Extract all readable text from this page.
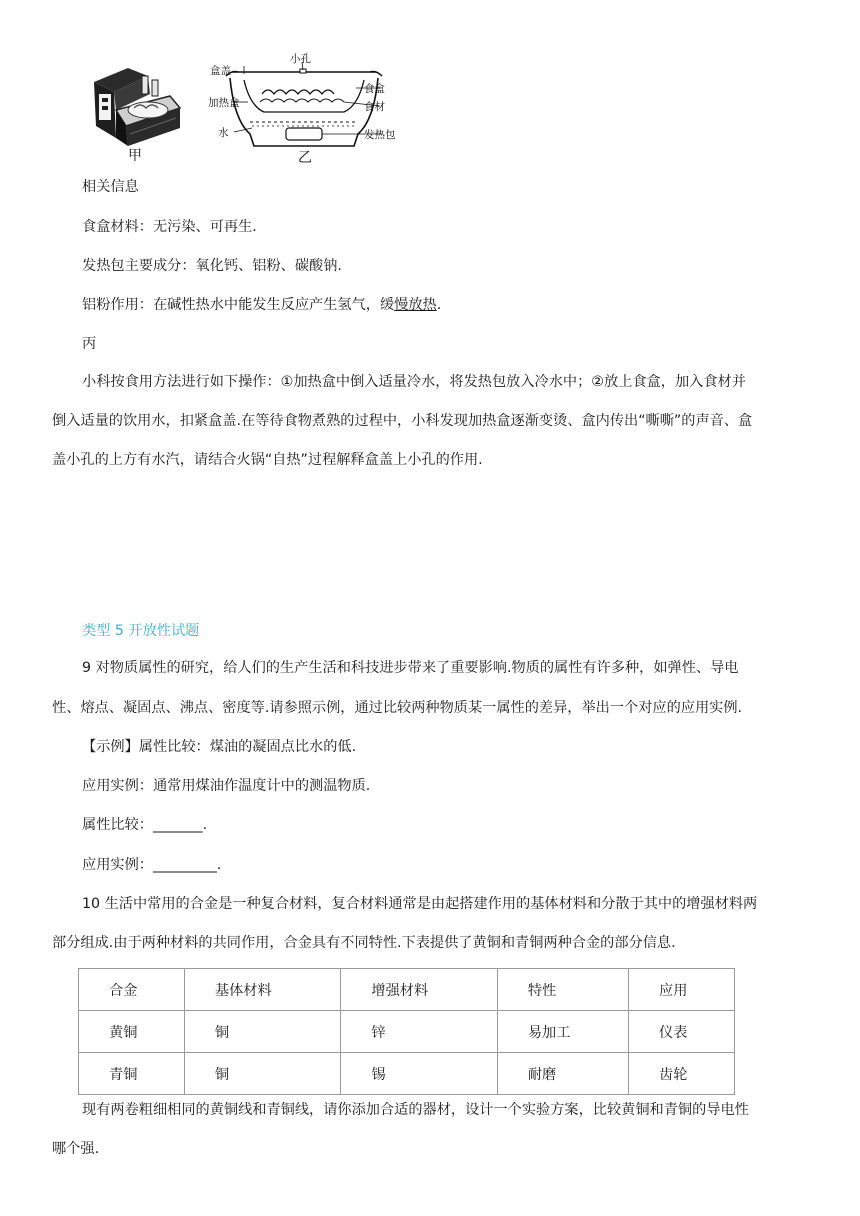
甲
盒盖
小孔
食盒
加热盒	食材
水	发热包
乙
相关信息
食盒材料：无污染、可再生.
发热包主要成分：氧化钙、铝粉、碳酸钠.
铝粉作用：在碱性热水中能发生反应产生氢气，缓慢放热.
丙
小科按食用方法进行如下操作：①加热盒中倒入适量冷水，将发热包放入冷水中；②放上食盒，加入食材并
倒入适量的饮用水，扣紧盒盖.在等待食物煮熟的过程中，小科发现加热盒逐渐变烫、盒内传出“嘶嘶”的声音、盒
盖小孔的上方有水汽，请结合火锅“自热”过程解释盒盖上小孔的作用.
类型 5 开放性试题
9 对物质属性的研究，给人们的生产生活和科技进步带来了重要影响.物质的属性有许多种，如弹性、导电
性、熔点、凝固点、沸点、密度等.请参照示例，通过比较两种物质某一属性的差异，举出一个对应的应用实例.
【示例】属性比较：煤油的凝固点比水的低.
应用实例：通常用煤油作温度计中的测温物质.
属性比较：_______.
应用实例：_________.
10 生活中常用的合金是一种复合材料，复合材料通常是由起搭建作用的基体材料和分散于其中的增强材料两
部分组成.由于两种材料的共同作用，合金具有不同特性.下表提供了黄铜和青铜两种合金的部分信息.
合金	基体材料	增强材料	特性	应用
黄铜	铜	锌	易加工	仪表
青铜	铜	锡	耐磨	齿轮
现有两卷粗细相同的黄铜线和青铜线，请你添加合适的器材，设计一个实验方案，比较黄铜和青铜的导电性
哪个强.
